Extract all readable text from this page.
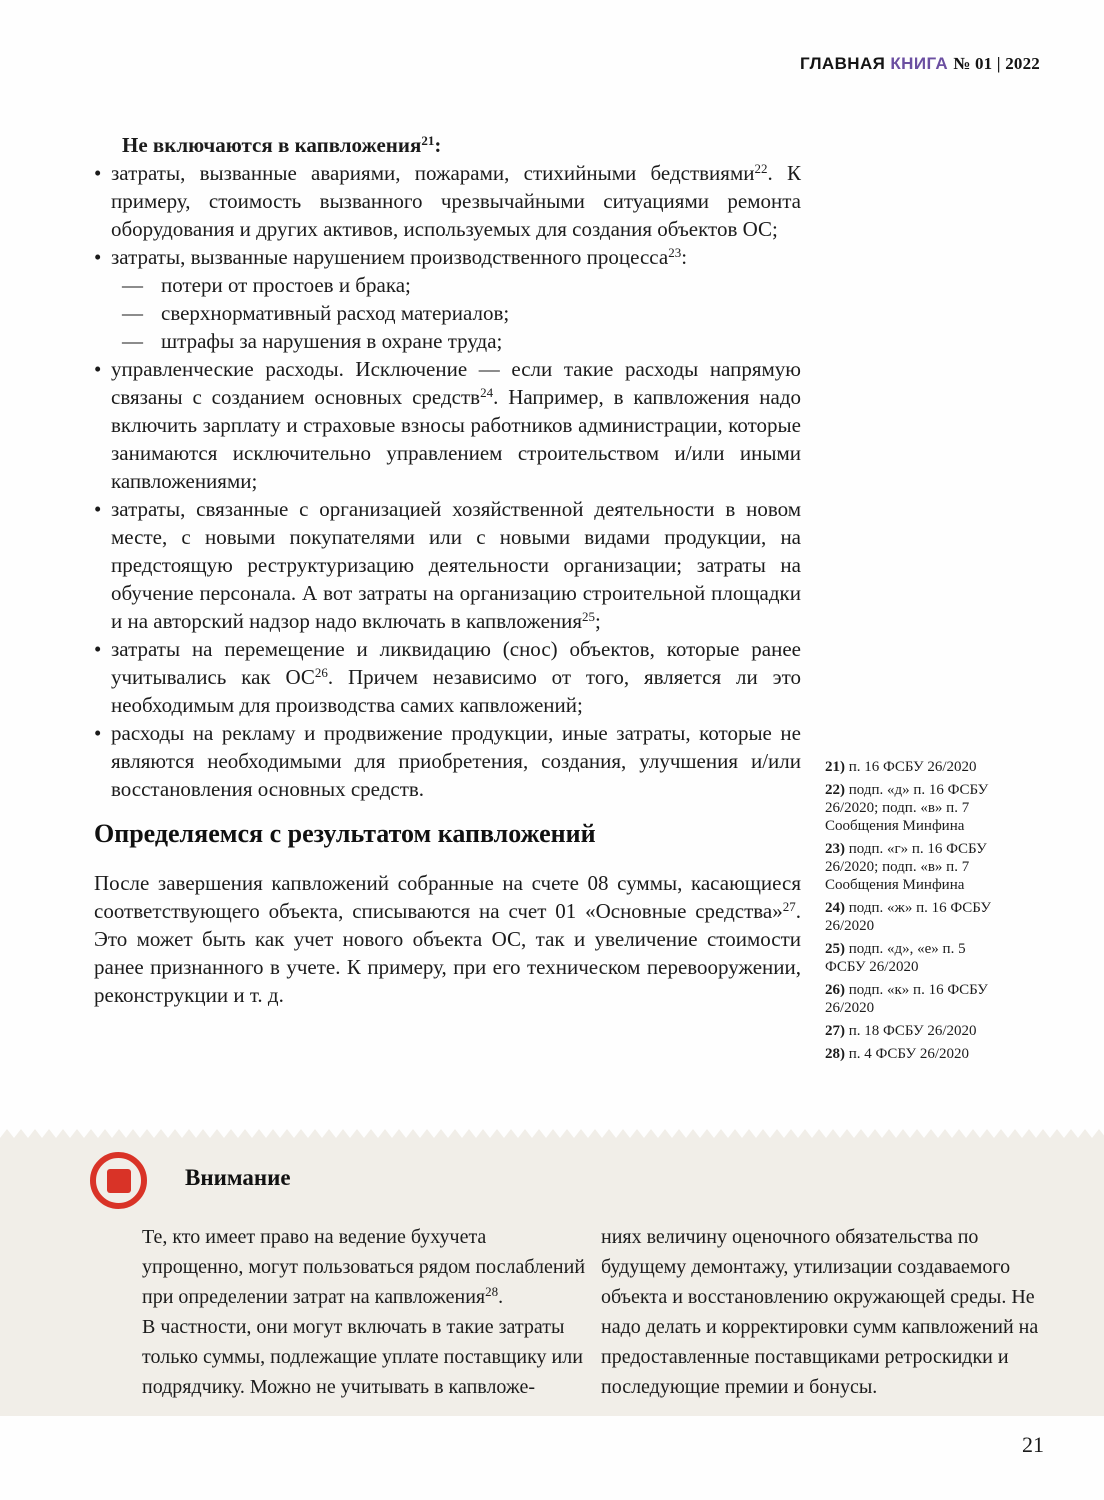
ГЛАВНАЯ КНИГА № 01 | 2022

Не включаются в капвложения$^{21}$:

• затраты, вызванные авариями, пожарами, стихийными бедствиями$^{22}$. К примеру, стоимость вызванного чрезвычайными ситуациями ремонта оборудования и других активов, используемых для создания объектов ОС;
• затраты, вызванные нарушением производственного процесса$^{23}$:
— потери от простоев и брака;
— сверхнормативный расход материалов;
— штрафы за нарушения в охране труда;
• управленческие расходы. Исключение — если такие расходы напрямую связаны с созданием основных средств$^{24}$. Например, в капвложения надо включить зарплату и страховые взносы работников администрации, которые занимаются исключительно управлением строительством и/или иными капвложениями;
• затраты, связанные с организацией хозяйственной деятельности в новом месте, с новыми покупателями или с новыми видами продукции, на предстоящую реструктуризацию деятельности организации; затраты на обучение персонала. А вот затраты на организацию строительной площадки и на авторский надзор надо включать в капвложения$^{25}$;
• затраты на перемещение и ликвидацию (снос) объектов, которые ранее учитывались как ОС$^{26}$. Причем независимо от того, является ли это необходимым для производства самих капвложений;
• расходы на рекламу и продвижение продукции, иные затраты, которые не являются необходимыми для приобретения, создания, улучшения и/или восстановления основных средств.
Определяемся с результатом капвложений

После завершения капвложений собранные на счете 08 суммы, касающиеся соответствующего объекта, списываются на счет 01 «Основные средства»$^{27}$. Это может быть как учет нового объекта ОС, так и увеличение стоимости ранее признанного в учете. К примеру, при его техническом перевооружении, реконструкции и т. д.

21) п. 16 ФСБУ 26/2020
22) подп. «д» п. 16 ФСБУ 26/2020; подп. «в» п. 7 Сообщения Минфина
23) подп. «г» п. 16 ФСБУ 26/2020; подп. «в» п. 7 Сообщения Минфина
24) подп. «ж» п. 16 ФСБУ 26/2020
25) подп. «д», «е» п. 5 ФСБУ 26/2020
26) подп. «к» п. 16 ФСБУ 26/2020
27) п. 18 ФСБУ 26/2020
28) п. 4 ФСБУ 26/2020
Внимание

Те, кто имеет право на ведение бухучета упрощенно, могут пользоваться рядом послаблений при определении затрат на капвложения$^{28}$.

В частности, они могут включать в такие затраты только суммы, подлежащие уплате поставщику или подрядчику. Можно не учитывать в капвложе-

ниях величину оценочного обязательства по будущему демонтажу, утилизации создаваемого объекта и восстановлению окружающей среды. Не надо делать и корректировки сумм капвложений на предоставленные поставщиками ретроскидки и последующие премии и бонусы.

21
